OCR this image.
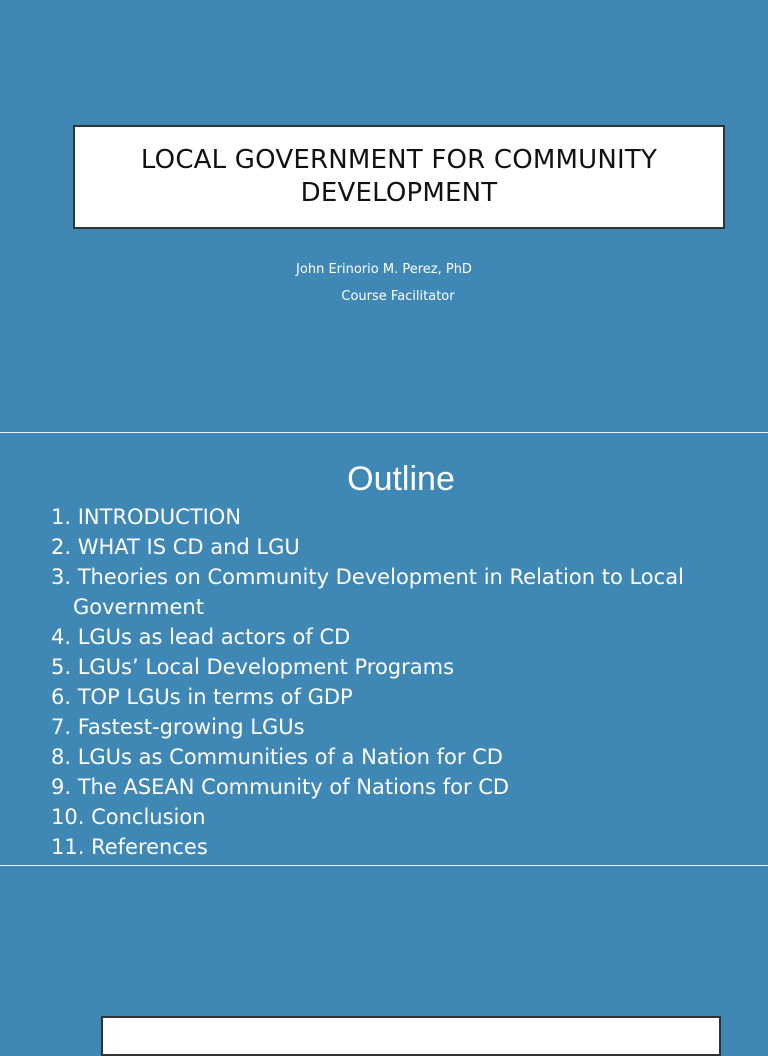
LOCAL GOVERNMENT FOR COMMUNITY DEVELOPMENT
John Erinorio M. Perez, PhD
Course Facilitator
Outline
1. INTRODUCTION
2. WHAT IS CD and LGU
3. Theories on Community Development in Relation to Local Government
4. LGUs as lead actors of CD
5. LGUs’ Local Development Programs
6. TOP LGUs in terms of GDP
7. Fastest-growing LGUs
8. LGUs as Communities of a Nation for CD
9. The ASEAN Community of Nations for CD
10. Conclusion
11. References
